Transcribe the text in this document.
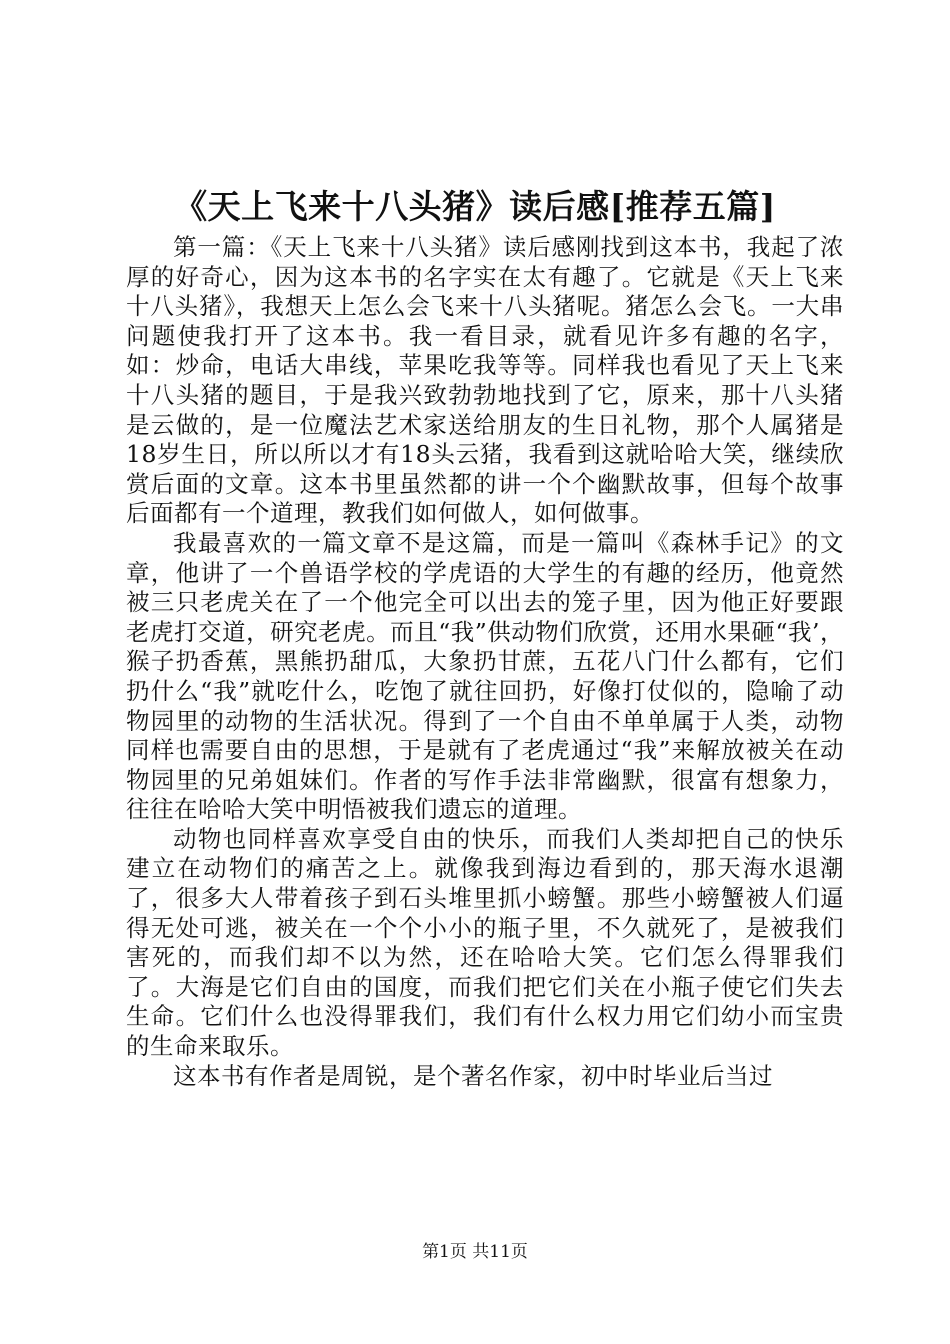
《天上飞来十八头猪》读后感[推荐五篇]

第一篇：《天上飞来十八头猪》读后感刚找到这本书，我起了浓厚的好奇心，因为这本书的名字实在太有趣了。它就是《天上飞来十八头猪》，我想天上怎么会飞来十八头猪呢。猪怎么会飞。一大串问题使我打开了这本书。我一看目录，就看见许多有趣的名字，如：炒命，电话大串线，苹果吃我等等。同样我也看见了天上飞来十八头猪的题目，于是我兴致勃勃地找到了它，原来，那十八头猪是云做的，是一位魔法艺术家送给朋友的生日礼物，那个人属猪是18岁生日，所以所以才有18头云猪，我看到这就哈哈大笑，继续欣赏后面的文章。这本书里虽然都的讲一个个幽默故事，但每个故事后面都有一个道理，教我们如何做人，如何做事。

我最喜欢的一篇文章不是这篇，而是一篇叫《森林手记》的文章，他讲了一个兽语学校的学虎语的大学生的有趣的经历，他竟然被三只老虎关在了一个他完全可以出去的笼子里，因为他正好要跟老虎打交道，研究老虎。而且“我”供动物们欣赏，还用水果砸“我’，猴子扔香蕉，黑熊扔甜瓜，大象扔甘蔗，五花八门什么都有，它们扔什么“我”就吃什么，吃饱了就往回扔，好像打仗似的，隐喻了动物园里的动物的生活状况。得到了一个自由不单单属于人类，动物同样也需要自由的思想，于是就有了老虎通过“我”来解放被关在动物园里的兄弟姐妹们。作者的写作手法非常幽默，很富有想象力，往往在哈哈大笑中明悟被我们遗忘的道理。

动物也同样喜欢享受自由的快乐，而我们人类却把自己的快乐建立在动物们的痛苦之上。就像我到海边看到的，那天海水退潮了，很多大人带着孩子到石头堆里抓小螃蟹。那些小螃蟹被人们逼得无处可逃，被关在一个个小小的瓶子里，不久就死了，是被我们害死的，而我们却不以为然，还在哈哈大笑。它们怎么得罪我们了。大海是它们自由的国度，而我们把它们关在小瓶子使它们失去生命。它们什么也没得罪我们，我们有什么权力用它们幼小而宝贵的生命来取乐。

这本书有作者是周锐，是个著名作家，初中时毕业后当过

第1页 共11页
